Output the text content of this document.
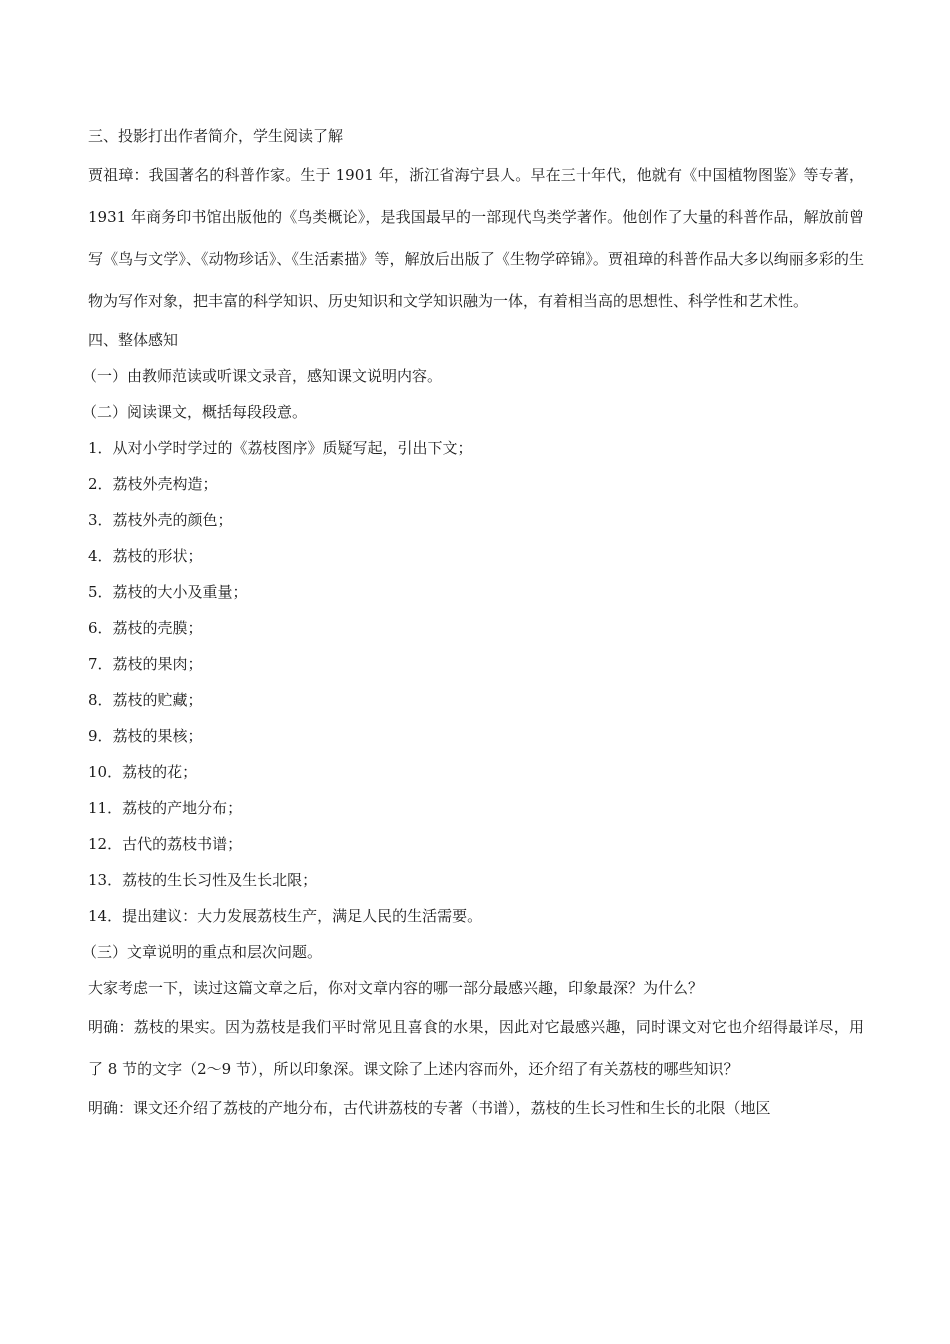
三、投影打出作者简介，学生阅读了解
贾祖璋：我国著名的科普作家。生于 1901 年，浙江省海宁县人。早在三十年代，他就有《中国植物图鉴》等专著，1931 年商务印书馆出版他的《鸟类概论》，是我国最早的一部现代鸟类学著作。他创作了大量的科普作品，解放前曾写《鸟与文学》、《动物珍话》、《生活素描》等，解放后出版了《生物学碎锦》。贾祖璋的科普作品大多以绚丽多彩的生物为写作对象，把丰富的科学知识、历史知识和文学知识融为一体，有着相当高的思想性、科学性和艺术性。
四、整体感知
（一）由教师范读或听课文录音，感知课文说明内容。
（二）阅读课文，概括每段段意。
1．从对小学时学过的《荔枝图序》质疑写起，引出下文；
2．荔枝外壳构造；
3．荔枝外壳的颜色；
4．荔枝的形状；
5．荔枝的大小及重量；
6．荔枝的壳膜；
7．荔枝的果肉；
8．荔枝的贮藏；
9．荔枝的果核；
10．荔枝的花；
11．荔枝的产地分布；
12．古代的荔枝书谱；
13．荔枝的生长习性及生长北限；
14．提出建议：大力发展荔枝生产，满足人民的生活需要。
（三）文章说明的重点和层次问题。
大家考虑一下，读过这篇文章之后，你对文章内容的哪一部分最感兴趣，印象最深？为什么？
明确：荔枝的果实。因为荔枝是我们平时常见且喜食的水果，因此对它最感兴趣，同时课文对它也介绍得最详尽，用了 8 节的文字（2～9 节），所以印象深。课文除了上述内容而外，还介绍了有关荔枝的哪些知识？
明确：课文还介绍了荔枝的产地分布，古代讲荔枝的专著（书谱），荔枝的生长习性和生长的北限（地区
